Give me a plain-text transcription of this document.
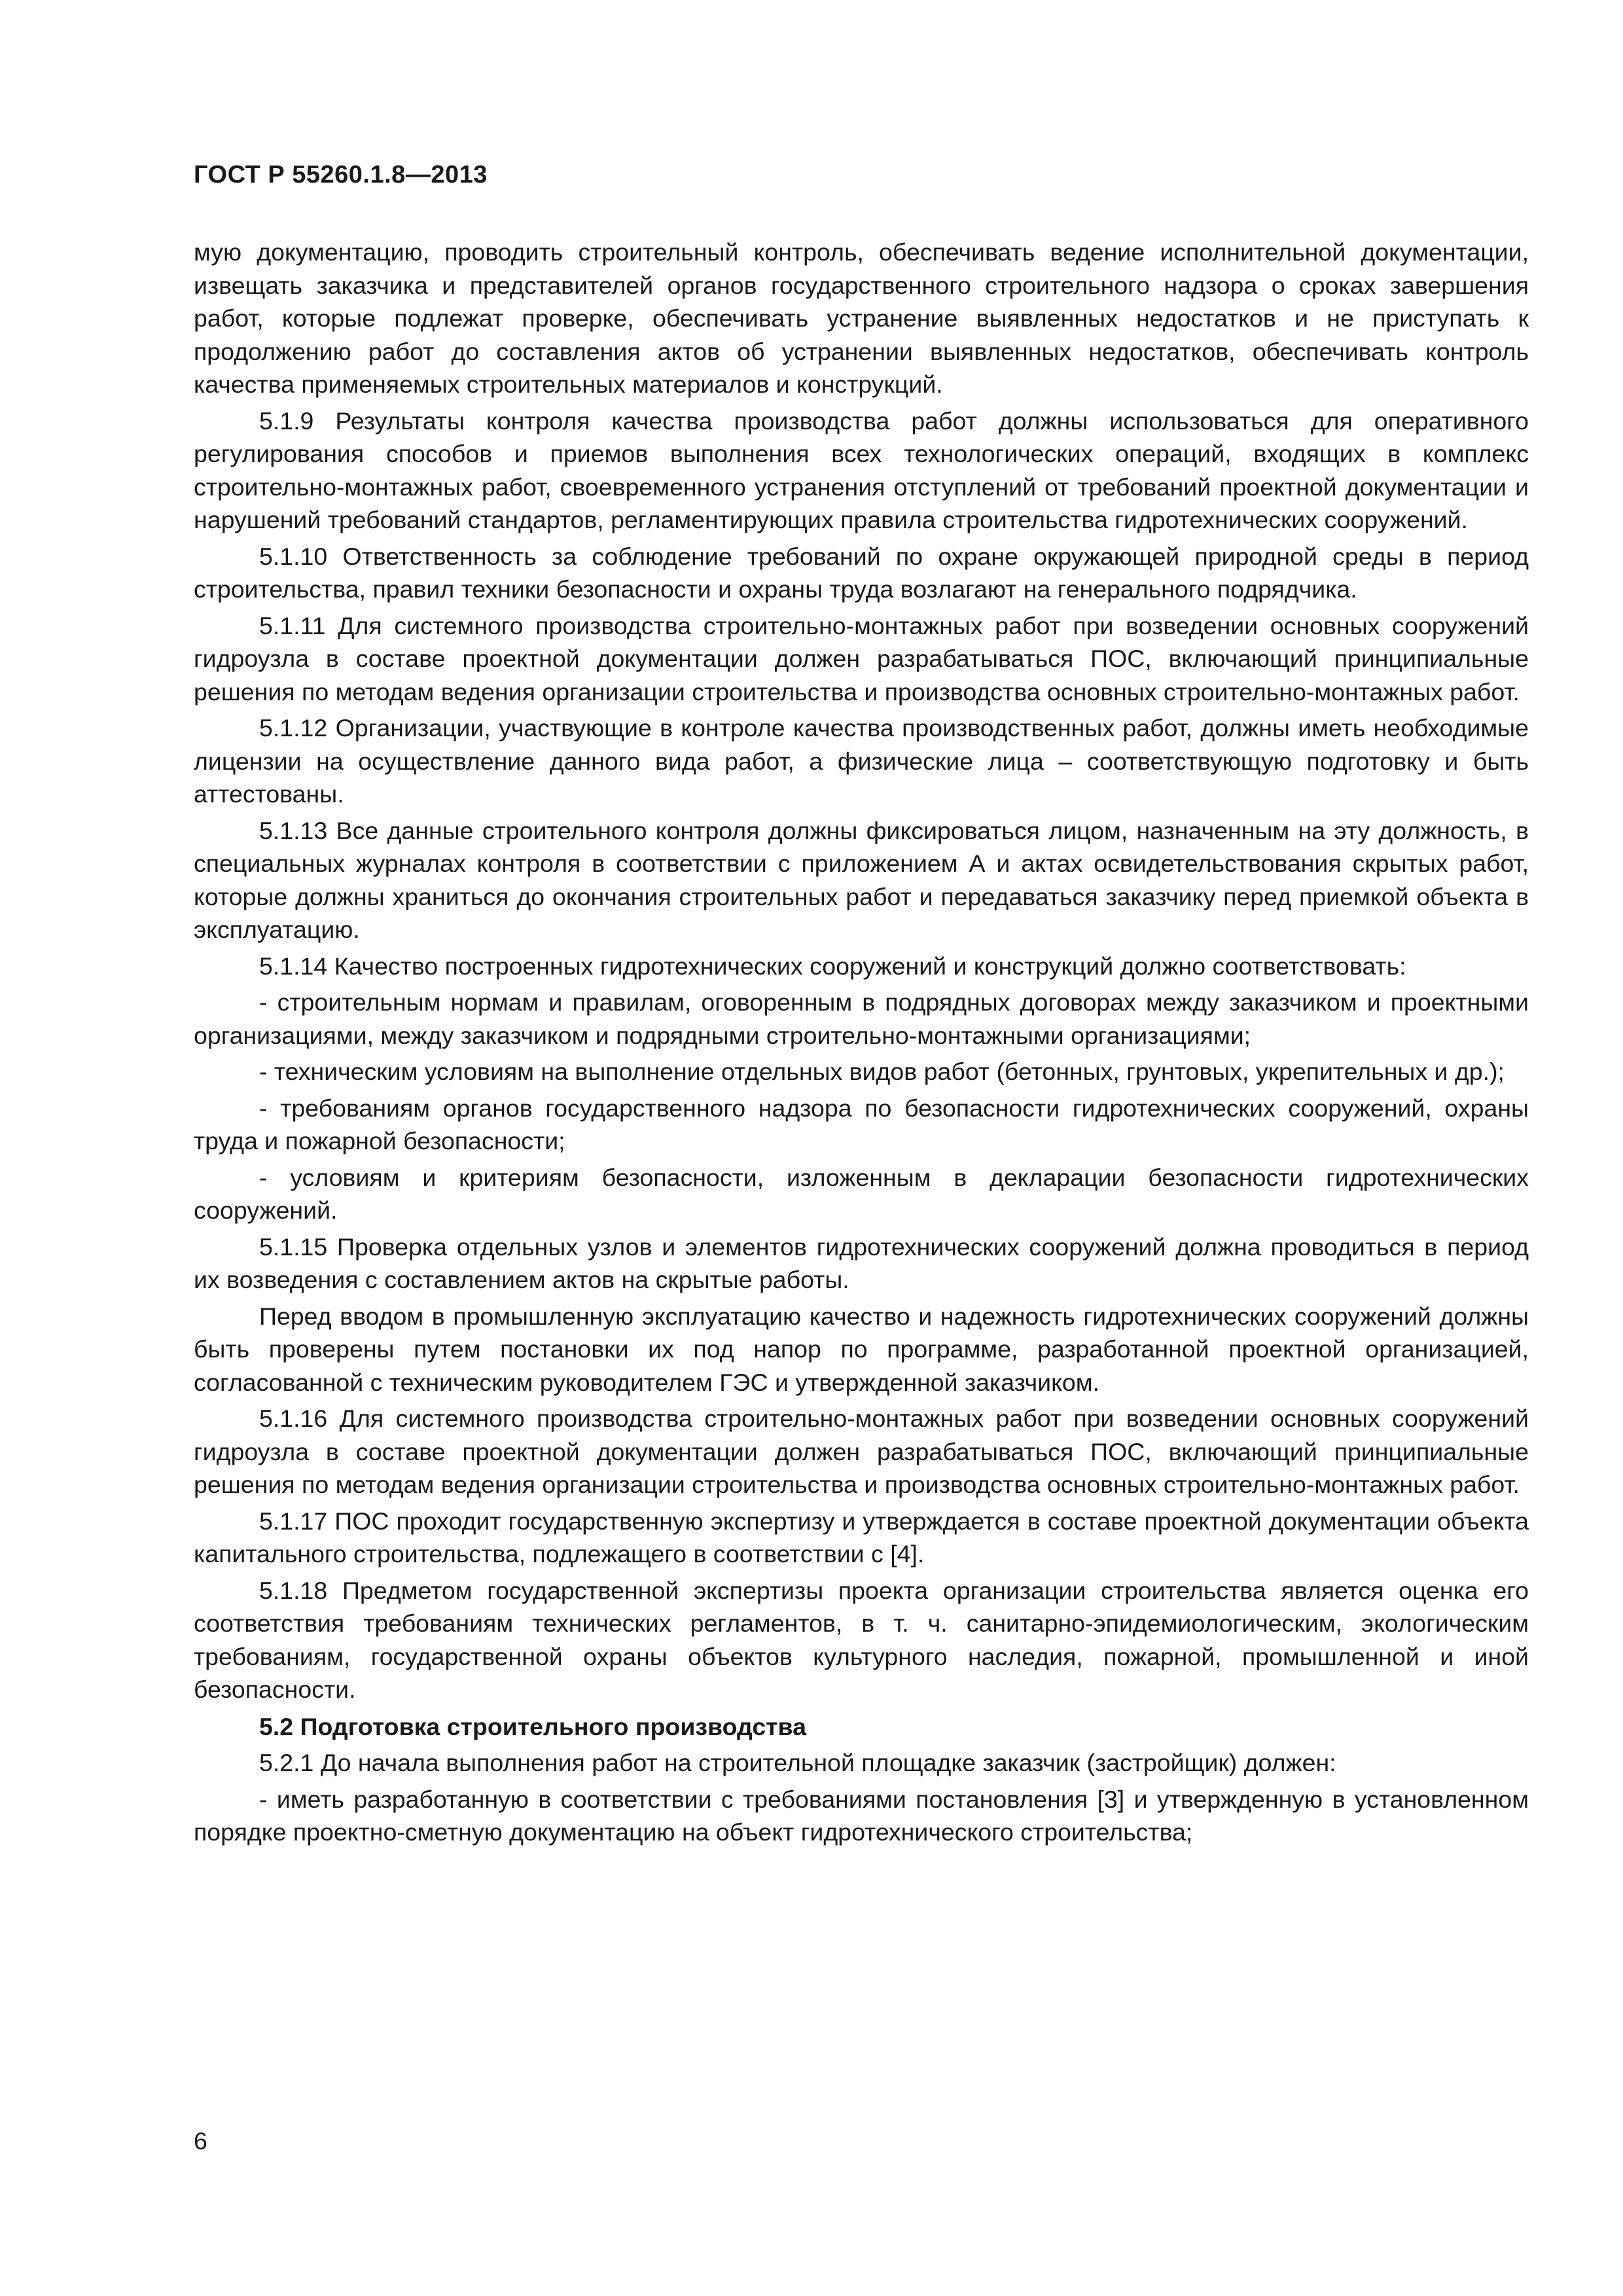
ГОСТ Р 55260.1.8—2013

мую документацию, проводить строительный контроль, обеспечивать ведение исполнительной документации, извещать заказчика и представителей органов государственного строительного надзора о сроках завершения работ, которые подлежат проверке, обеспечивать устранение выявленных недостатков и не приступать к продолжению работ до составления актов об устранении выявленных недостатков, обеспечивать контроль качества применяемых строительных материалов и конструкций.

5.1.9 Результаты контроля качества производства работ должны использоваться для оперативного регулирования способов и приемов выполнения всех технологических операций, входящих в комплекс строительно-монтажных работ, своевременного устранения отступлений от требований проектной документации и нарушений требований стандартов, регламентирующих правила строительства гидротехнических сооружений.

5.1.10 Ответственность за соблюдение требований по охране окружающей природной среды в период строительства, правил техники безопасности и охраны труда возлагают на генерального подрядчика.

5.1.11 Для системного производства строительно-монтажных работ при возведении основных сооружений гидроузла в составе проектной документации должен разрабатываться ПОС, включающий принципиальные решения по методам ведения организации строительства и производства основных строительно-монтажных работ.

5.1.12 Организации, участвующие в контроле качества производственных работ, должны иметь необходимые лицензии на осуществление данного вида работ, а физические лица – соответствующую подготовку и быть аттестованы.

5.1.13 Все данные строительного контроля должны фиксироваться лицом, назначенным на эту должность, в специальных журналах контроля в соответствии с приложением А и актах освидетельствования скрытых работ, которые должны храниться до окончания строительных работ и передаваться заказчику перед приемкой объекта в эксплуатацию.

5.1.14 Качество построенных гидротехнических сооружений и конструкций должно соответствовать:

- строительным нормам и правилам, оговоренным в подрядных договорах между заказчиком и проектными организациями, между заказчиком и подрядными строительно-монтажными организациями;

- техническим условиям на выполнение отдельных видов работ (бетонных, грунтовых, укрепительных и др.);

- требованиям органов государственного надзора по безопасности гидротехнических сооружений, охраны труда и пожарной безопасности;

- условиям и критериям безопасности, изложенным в декларации безопасности гидротехнических сооружений.

5.1.15 Проверка отдельных узлов и элементов гидротехнических сооружений должна проводиться в период их возведения с составлением актов на скрытые работы.

Перед вводом в промышленную эксплуатацию качество и надежность гидротехнических сооружений должны быть проверены путем постановки их под напор по программе, разработанной проектной организацией, согласованной с техническим руководителем ГЭС и утвержденной заказчиком.

5.1.16 Для системного производства строительно-монтажных работ при возведении основных сооружений гидроузла в составе проектной документации должен разрабатываться ПОС, включающий принципиальные решения по методам ведения организации строительства и производства основных строительно-монтажных работ.

5.1.17 ПОС проходит государственную экспертизу и утверждается в составе проектной документации объекта капитального строительства, подлежащего в соответствии с [4].

5.1.18 Предметом государственной экспертизы проекта организации строительства является оценка его соответствия требованиям технических регламентов, в т. ч. санитарно-эпидемиологическим, экологическим требованиям, государственной охраны объектов культурного наследия, пожарной, промышленной и иной безопасности.

5.2 Подготовка строительного производства

5.2.1 До начала выполнения работ на строительной площадке заказчик (застройщик) должен:

- иметь разработанную в соответствии с требованиями постановления [3] и утвержденную в установленном порядке проектно-сметную документацию на объект гидротехнического строительства;

6
